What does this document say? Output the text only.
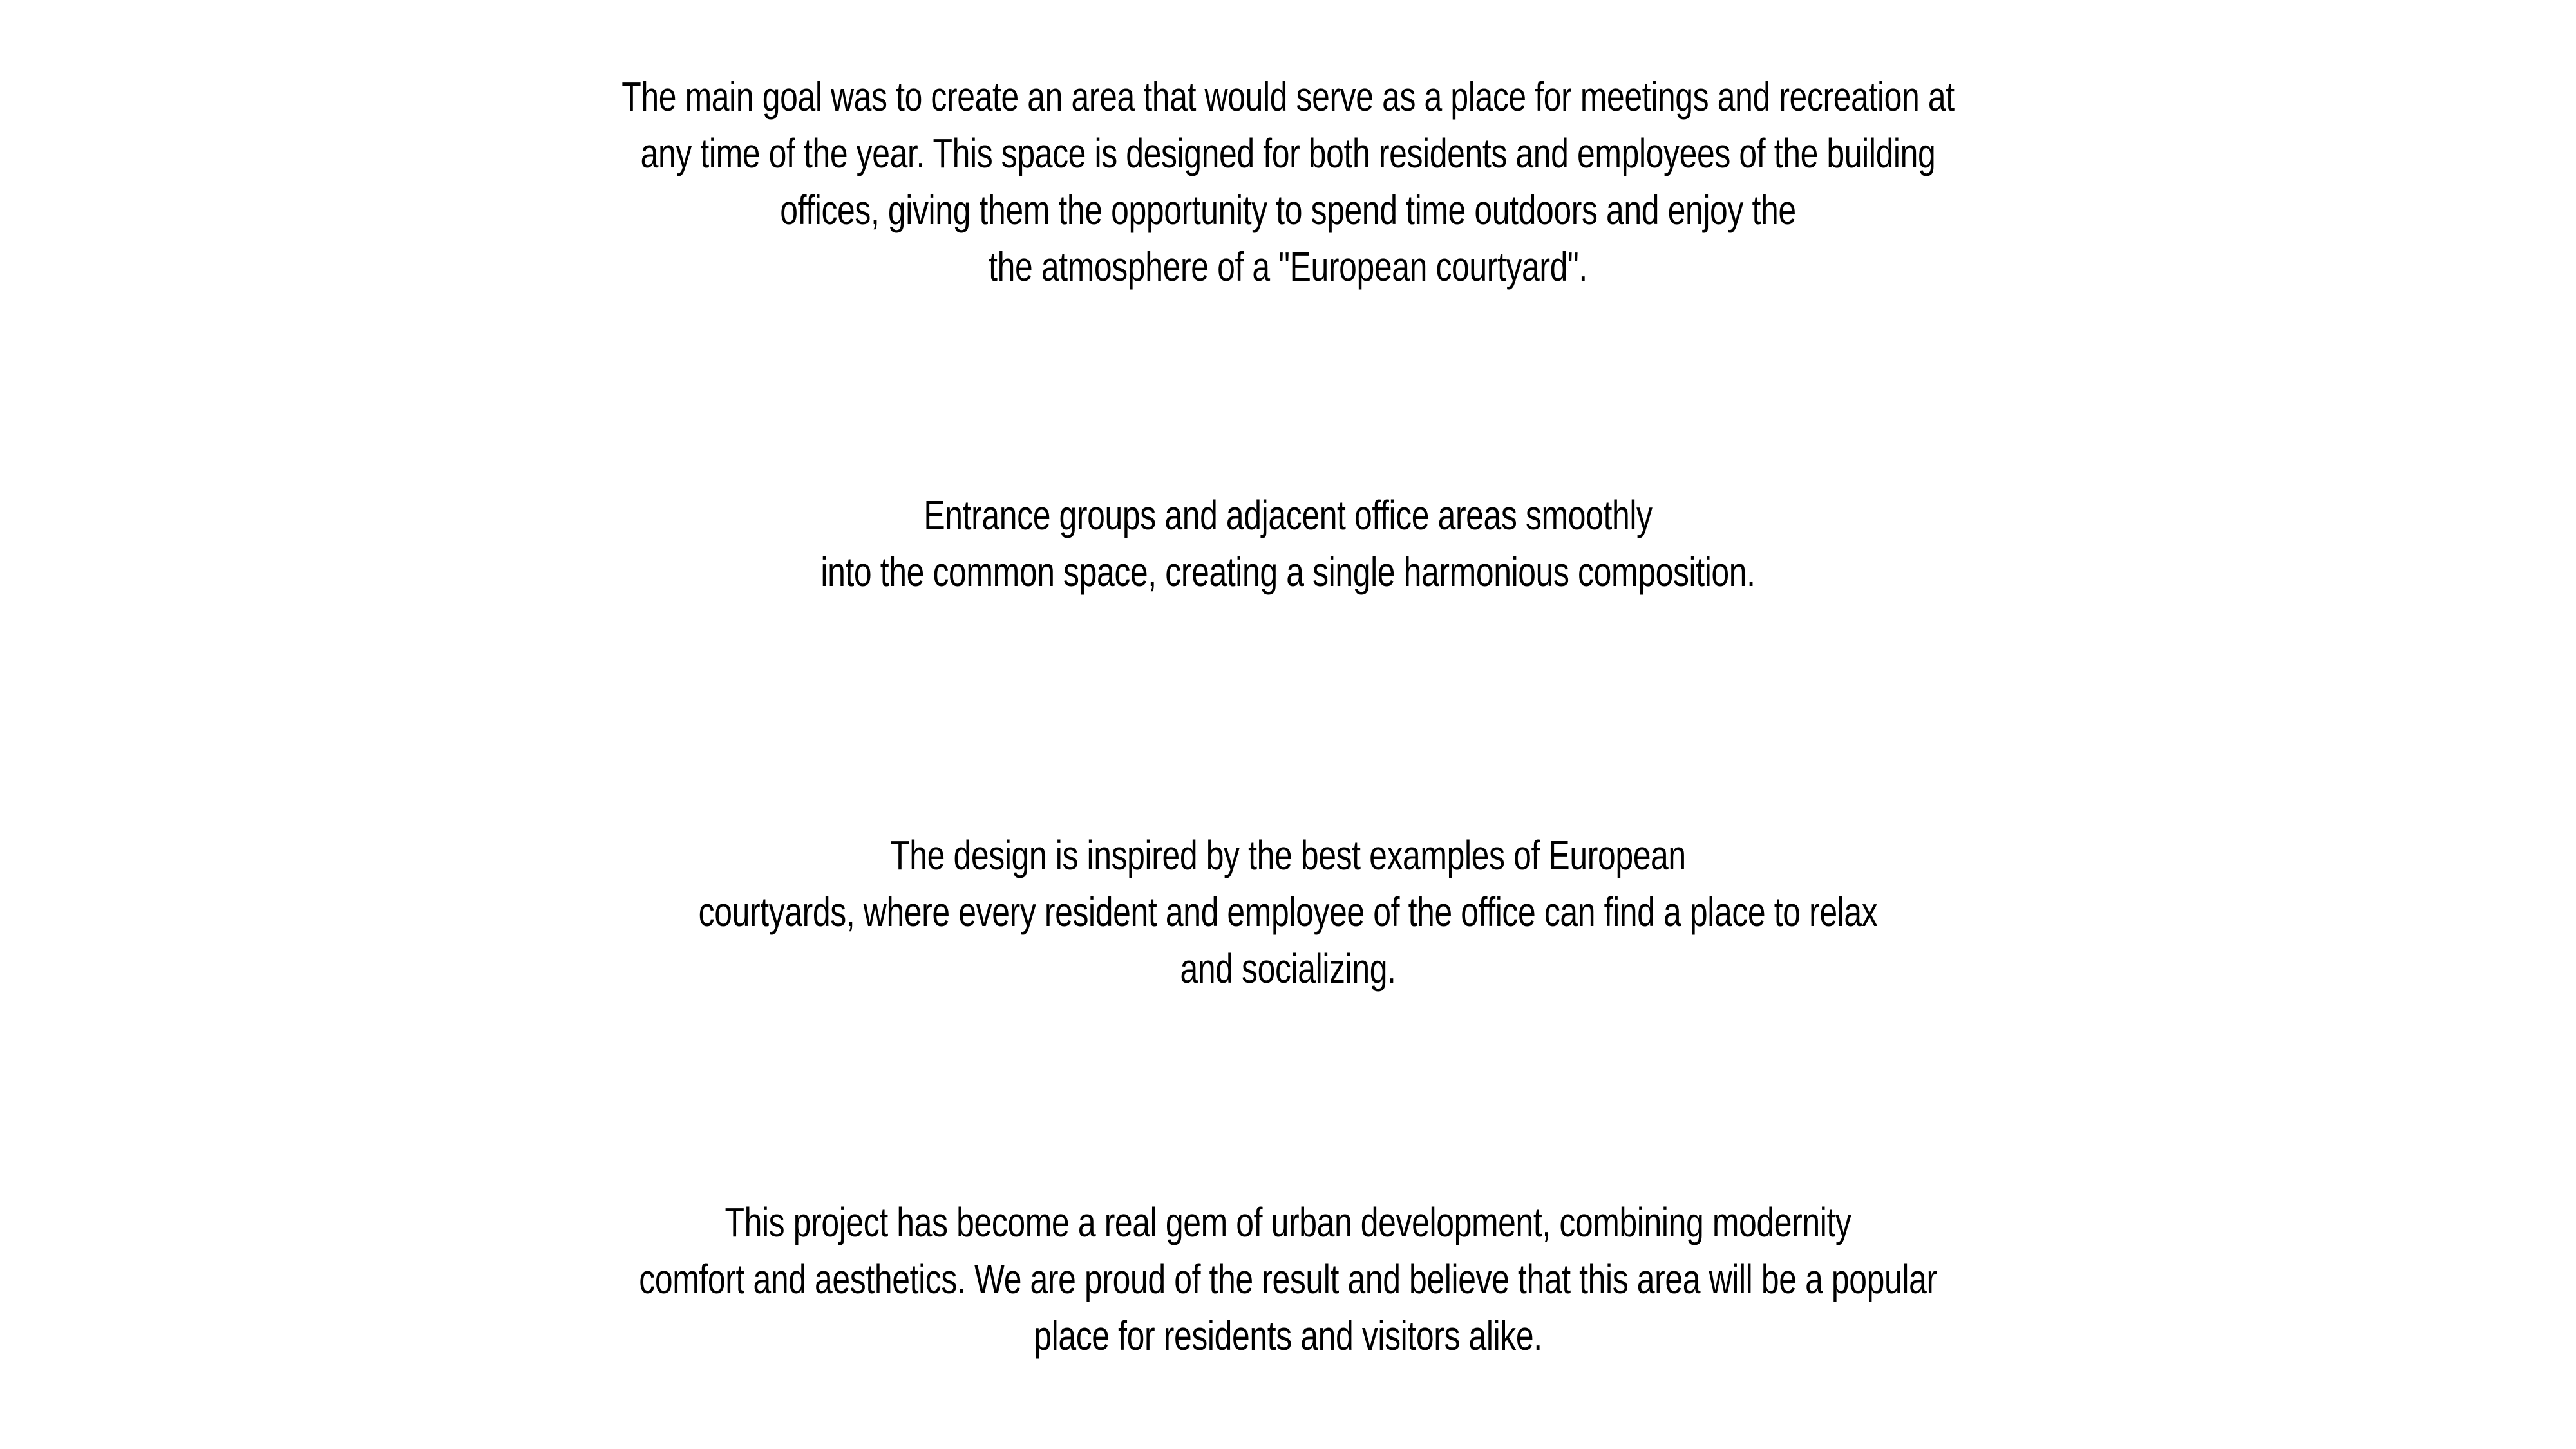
The main goal was to create an area that would serve as a place for meetings and recreation at
any time of the year. This space is designed for both residents and employees of the building
offices, giving them the opportunity to spend time outdoors and enjoy the
the atmosphere of a "European courtyard".

Entrance groups and adjacent office areas smoothly
into the common space, creating a single harmonious composition.

The design is inspired by the best examples of European
courtyards, where every resident and employee of the office can find a place to relax
and socializing.

This project has become a real gem of urban development, combining modernity
comfort and aesthetics. We are proud of the result and believe that this area will be a popular
place for residents and visitors alike.
